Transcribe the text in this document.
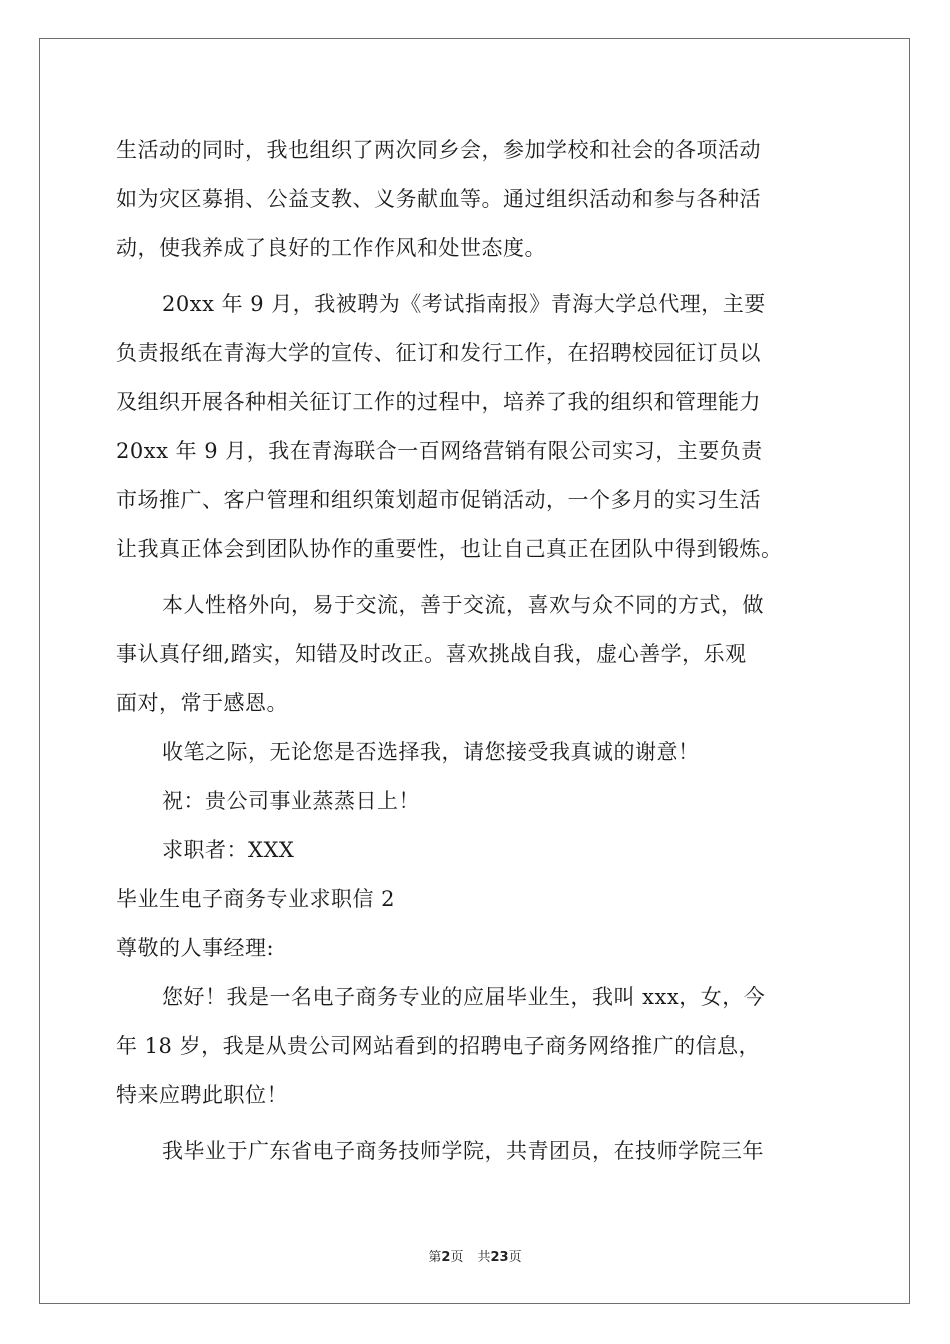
生活动的同时，我也组织了两次同乡会，参加学校和社会的各项活动
如为灾区募捐、公益支教、义务献血等。通过组织活动和参与各种活
动，使我养成了良好的工作作风和处世态度。
20xx 年 9 月，我被聘为《考试指南报》青海大学总代理，主要
负责报纸在青海大学的宣传、征订和发行工作，在招聘校园征订员以
及组织开展各种相关征订工作的过程中，培养了我的组织和管理能力
20xx 年 9 月，我在青海联合一百网络营销有限公司实习，主要负责
市场推广、客户管理和组织策划超市促销活动，一个多月的实习生活
让我真正体会到团队协作的重要性，也让自己真正在团队中得到锻炼。
本人性格外向，易于交流，善于交流，喜欢与众不同的方式，做
事认真仔细,踏实，知错及时改正。喜欢挑战自我，虚心善学，乐观
面对，常于感恩。
收笔之际，无论您是否选择我，请您接受我真诚的谢意！
祝：贵公司事业蒸蒸日上！
求职者：XXX
毕业生电子商务专业求职信 2
尊敬的人事经理:
您好！我是一名电子商务专业的应届毕业生，我叫 xxx，女，今
年 18 岁，我是从贵公司网站看到的招聘电子商务网络推广的信息，
特来应聘此职位！
我毕业于广东省电子商务技师学院，共青团员，在技师学院三年
第2页 共23页
